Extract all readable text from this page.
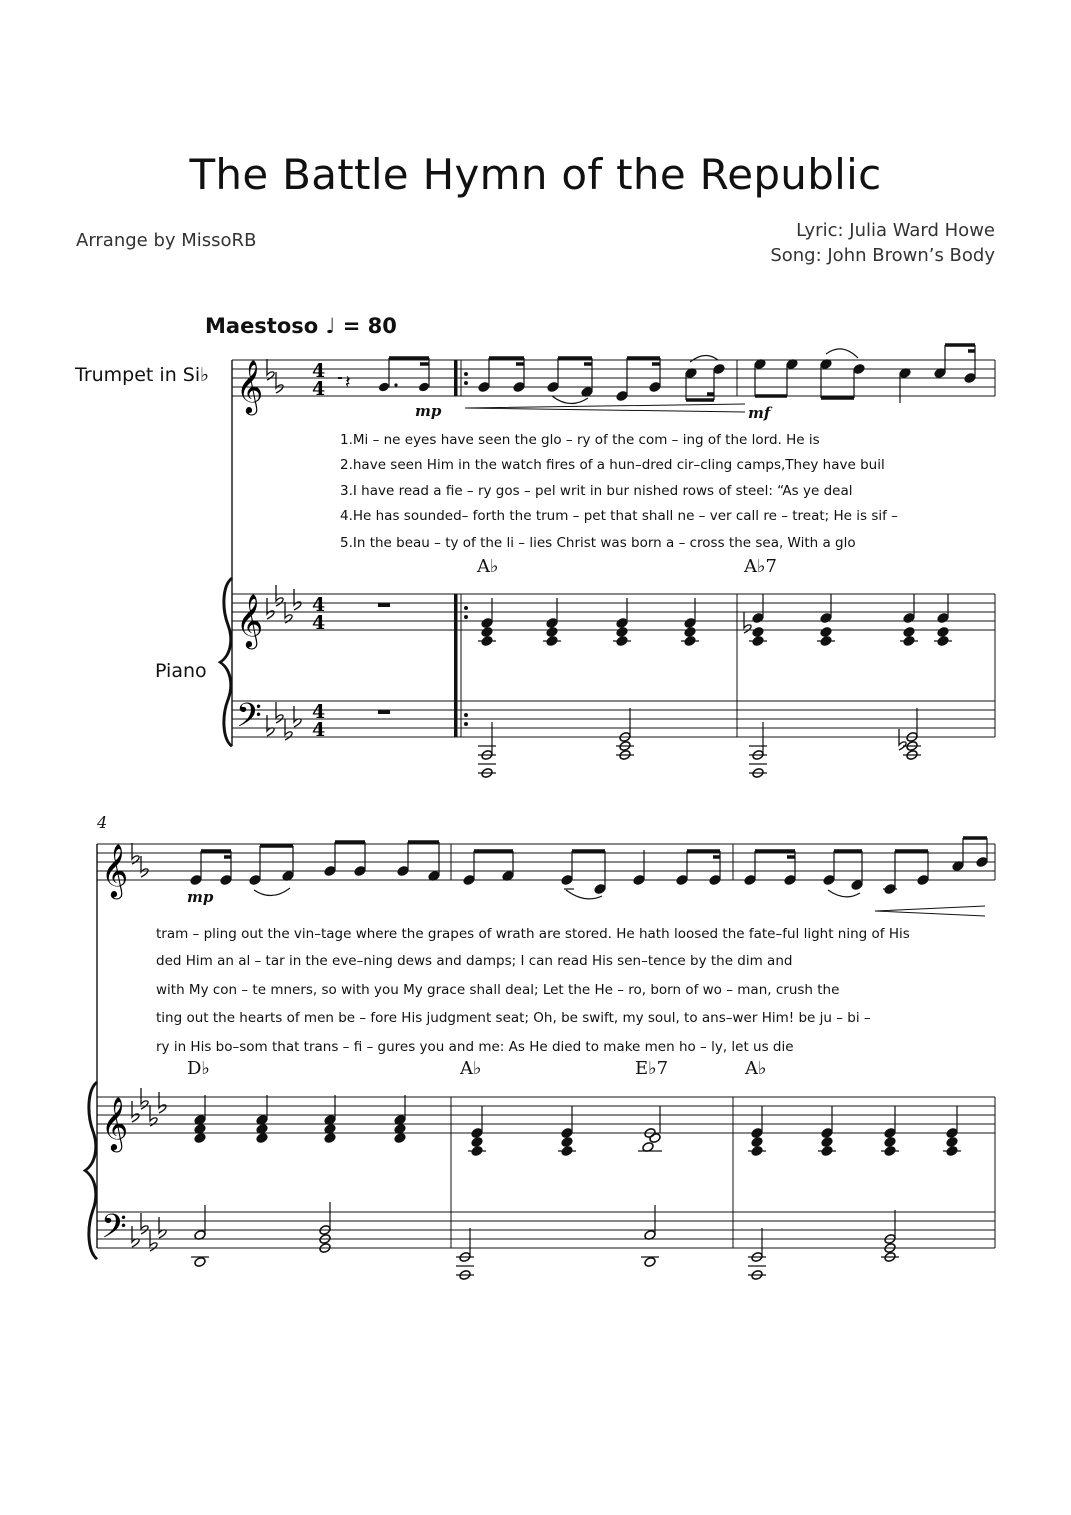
The Battle Hymn of the Republic
Arrange by MissoRB	Lyric: Julia Ward Howe
Song: John Brown’s Body
Maestoso ♩ = 80
Trumpet in Si♭
Piano
4
mp	mf
mp
1.Mi – ne eyes have seen the glo – ry of the com – ing of the lord. He is
2.have seen Him in the watch fires of a hun–dred cir–cling camps,They have buil
3.I have read a fie – ry gos – pel writ in bur nished rows of steel: “As ye deal
4.He has sounded– forth the trum – pet that shall ne – ver call re – treat; He is sif –
5.In the beau – ty of the li – lies Christ was born a – cross the sea, With a glo
A♭	A♭7
tram – pling out the vin–tage where the grapes of wrath are stored. He hath loosed the fate–ful light ning of His
ded Him an al – tar in the eve–ning dews and damps; I can read His sen–tence by the dim and
with My con – te mners, so with you My grace shall deal; Let the He – ro, born of wo – man, crush the
ting out the hearts of men be – fore His judgment seat; Oh, be swift, my soul, to ans–wer Him! be ju – bi –
ry in His bo–som that trans – fi – gures you and me: As He died to make men ho – ly, let us die
D♭	A♭	E♭7	A♭
𝄞
𝄞
𝄢
4
4
4
4
4
4
𝄽
𝄞
𝄞
𝄢
